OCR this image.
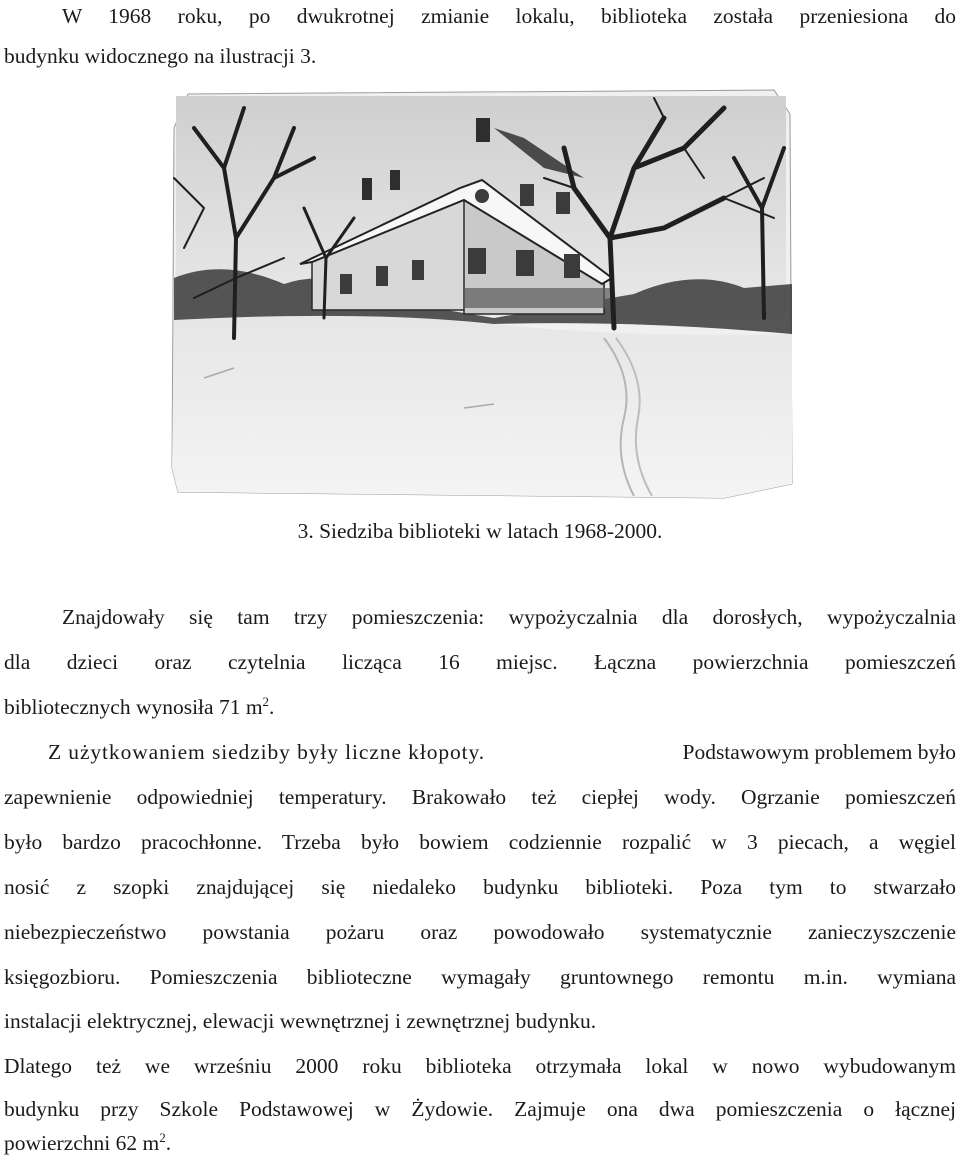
W 1968 roku, po dwukrotnej zmianie lokalu, biblioteka została przeniesiona do
budynku widocznego na ilustracji 3.
3. Siedziba biblioteki w latach 1968-2000.
Znajdowały się tam trzy pomieszczenia: wypożyczalnia dla dorosłych, wypożyczalnia
dla dzieci oraz czytelnia licząca 16 miejsc. Łączna powierzchnia pomieszczeń
bibliotecznych wynosiła 71 $m^2$.
Z użytkowaniem siedziby były liczne kłopoty.	Podstawowym problemem było
zapewnienie odpowiedniej temperatury. Brakowało też ciepłej wody. Ogrzanie pomieszczeń
było bardzo pracochłonne. Trzeba było bowiem codziennie rozpalić w 3 piecach, a węgiel
nosić z szopki znajdującej się niedaleko budynku biblioteki. Poza tym to stwarzało
niebezpieczeństwo powstania pożaru oraz powodowało systematycznie zanieczyszczenie
księgozbioru. Pomieszczenia biblioteczne wymagały gruntownego remontu m.in. wymiana
instalacji elektrycznej, elewacji wewnętrznej i zewnętrznej budynku.
Dlatego też we wrześniu 2000 roku biblioteka otrzymała lokal w nowo wybudowanym
budynku przy Szkole Podstawowej w Żydowie. Zajmuje ona dwa pomieszczenia o łącznej
powierzchni 62 $m^2$.
